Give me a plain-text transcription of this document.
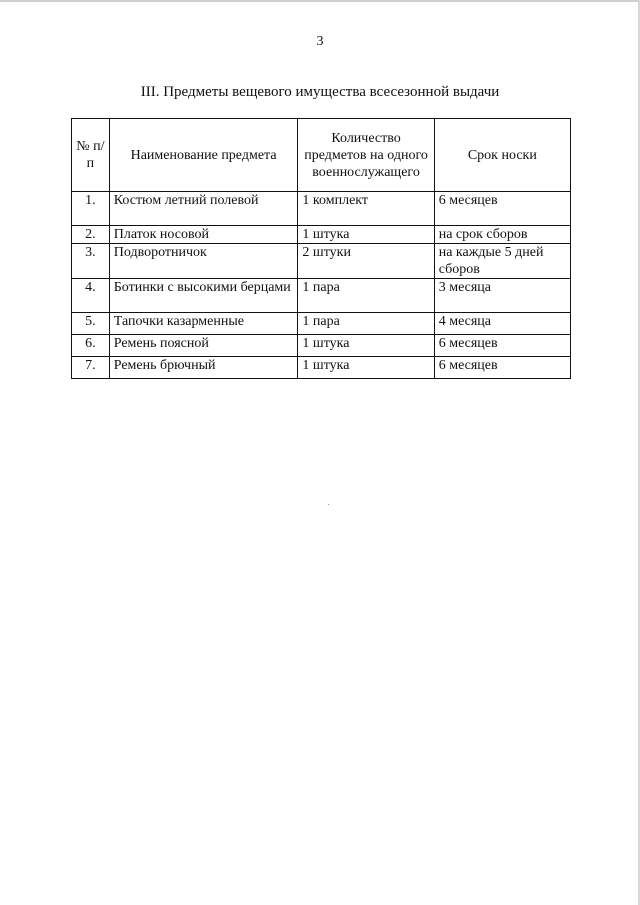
3
III. Предметы вещевого имущества всесезонной выдачи
№ п/п	Наименование предмета	Количество предметов на одного военнослужащего	Срок носки
1.	Костюм летний полевой	1 комплект	6 месяцев
2.	Платок носовой	1 штука	на срок сборов
3.	Подворотничок	2 штуки	на каждые 5 дней сборов
4.	Ботинки с высокими берцами	1 пара	3 месяца
5.	Тапочки казарменные	1 пара	4 месяца
6.	Ремень поясной	1 штука	6 месяцев
7.	Ремень брючный	1 штука	6 месяцев
